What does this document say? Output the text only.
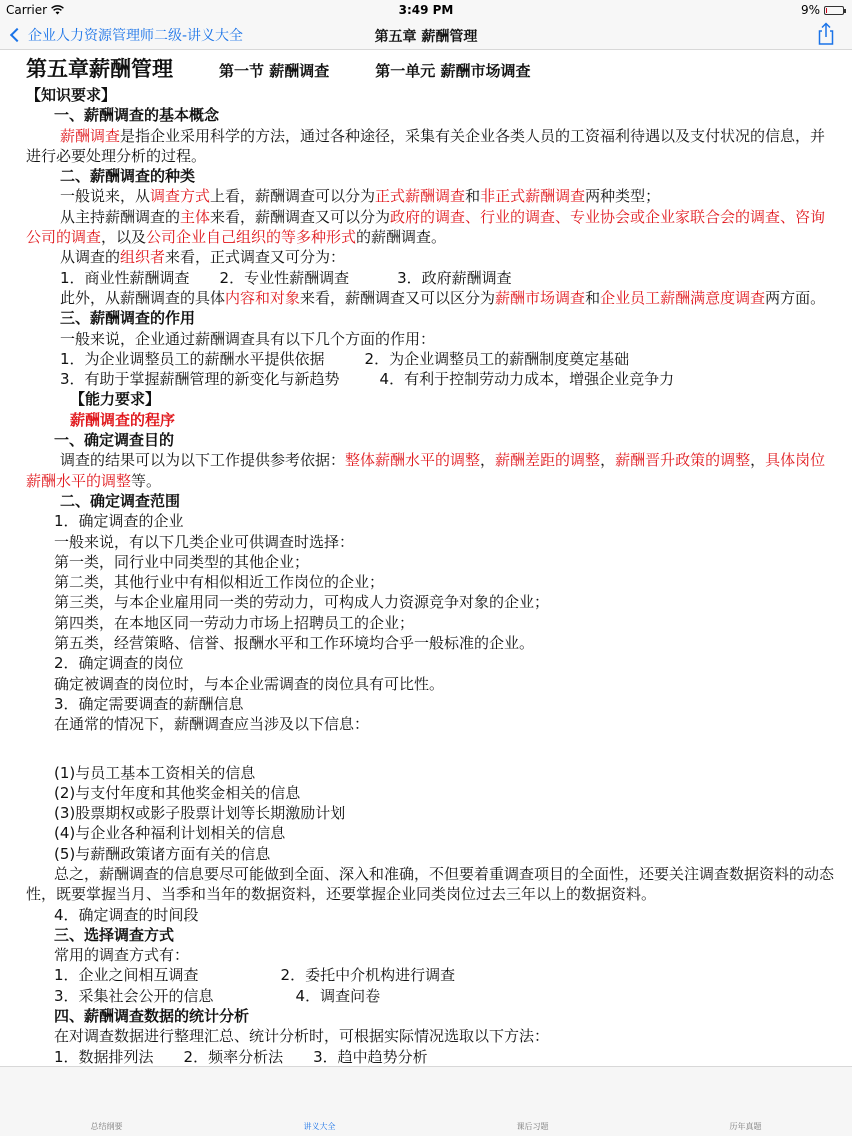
Carrier	3:49 PM	9%
企业人力资源管理师二级-讲义大全	第五章 薪酬管理
第五章薪酬管理	第一节 薪酬调查	第一单元 薪酬市场调查
【知识要求】
一、薪酬调查的基本概念
薪酬调查是指企业采用科学的方法，通过各种途径，采集有关企业各类人员的工资福利待遇以及支付状况的信息，并进行必要处理分析的过程。
二、薪酬调查的种类
一般说来，从调查方式上看，薪酬调查可以分为正式薪酬调查和非正式薪酬调查两种类型；
从主持薪酬调查的主体来看，薪酬调查又可以分为政府的调查、行业的调查、专业协会或企业家联合会的调查、咨询公司的调查，以及公司企业自己组织的等多种形式的薪酬调查。
从调查的组织者来看，正式调查又可分为：
1．商业性薪酬调查 2．专业性薪酬调查	3．政府薪酬调查
此外，从薪酬调查的具体内容和对象来看，薪酬调查又可以区分为薪酬市场调查和企业员工薪酬满意度调查两方面。
三、薪酬调查的作用
一般来说，企业通过薪酬调查具有以下几个方面的作用：
1．为企业调整员工的薪酬水平提供依据	2．为企业调整员工的薪酬制度奠定基础
3．有助于掌握薪酬管理的新变化与新趋势	4．有利于控制劳动力成本，增强企业竞争力
【能力要求】
薪酬调查的程序
一、确定调查目的
调查的结果可以为以下工作提供参考依据：整体薪酬水平的调整，薪酬差距的调整，薪酬晋升政策的调整，具体岗位薪酬水平的调整等。
二、确定调查范围
1．确定调查的企业
一般来说，有以下几类企业可供调查时选择：
第一类，同行业中同类型的其他企业；
第二类，其他行业中有相似相近工作岗位的企业；
第三类，与本企业雇用同一类的劳动力，可构成人力资源竞争对象的企业；
第四类，在本地区同一劳动力市场上招聘员工的企业；
第五类，经营策略、信誉、报酬水平和工作环境均合乎一般标准的企业。
2．确定调查的岗位
确定被调查的岗位时，与本企业需调查的岗位具有可比性。
3．确定需要调查的薪酬信息
在通常的情况下，薪酬调查应当涉及以下信息：
(1)与员工基本工资相关的信息
(2)与支付年度和其他奖金相关的信息
(3)股票期权或影子股票计划等长期激励计划
(4)与企业各种福利计划相关的信息
(5)与薪酬政策诸方面有关的信息
总之，薪酬调查的信息要尽可能做到全面、深入和准确，不但要着重调查项目的全面性，还要关注调查数据资料的动态性，既要掌握当月、当季和当年的数据资料，还要掌握企业同类岗位过去三年以上的数据资料。
4．确定调查的时间段
三、选择调查方式
常用的调查方式有：
1．企业之间相互调查	2．委托中介机构进行调查
3．采集社会公开的信息	4．调查问卷
四、薪酬调查数据的统计分析
在对调查数据进行整理汇总、统计分析时，可根据实际情况选取以下方法：
1．数据排列法 2．频率分析法 3．趋中趋势分析
总结纲要	讲义大全	课后习题	历年真题
